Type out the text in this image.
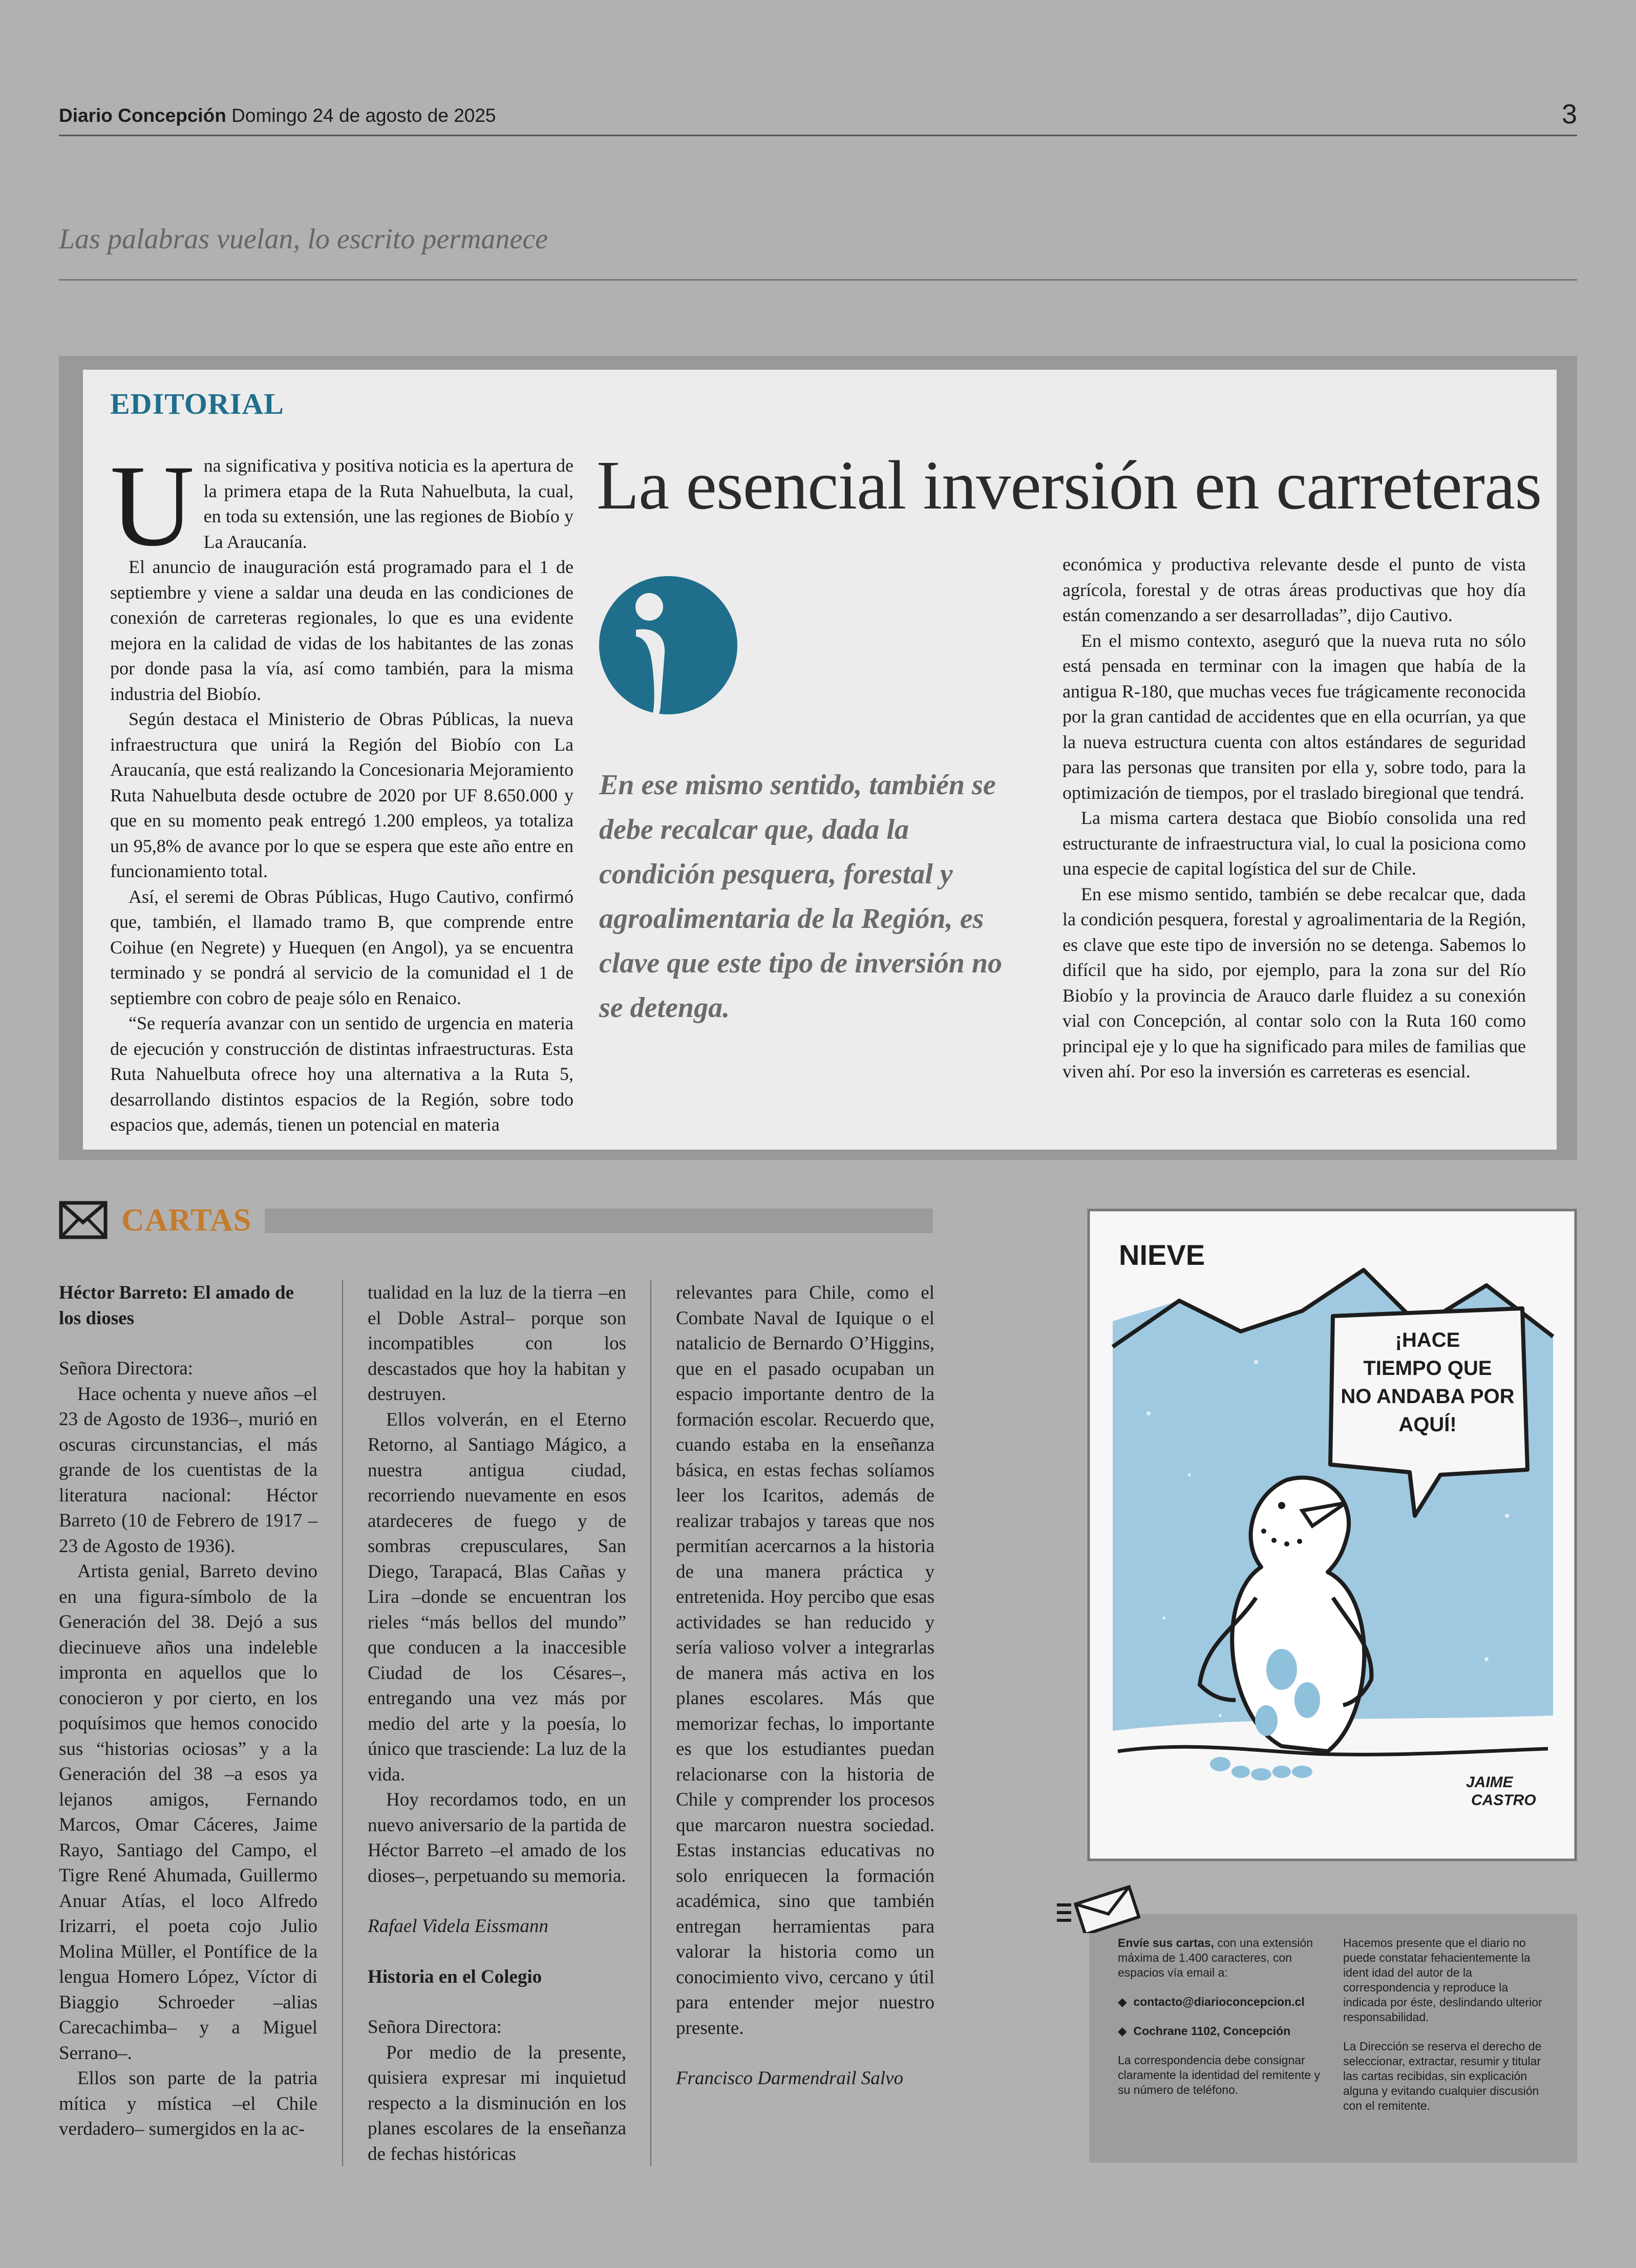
Diario Concepción Domingo 24 de agosto de 2025	3
Las palabras vuelan, lo escrito permanece
EDITORIAL
La esencial inversión en carreteras

Una significativa y positiva noticia es la apertura de la primera etapa de la Ruta Nahuelbuta, la cual, en toda su extensión, une las regiones de Biobío y La Araucanía.

El anuncio de inauguración está programado para el 1 de septiembre y viene a saldar una deuda en las condiciones de conexión de carreteras regionales, lo que es una evidente mejora en la calidad de vidas de los habitantes de las zonas por donde pasa la vía, así como también, para la misma industria del Biobío.

Según destaca el Ministerio de Obras Públicas, la nueva infraestructura que unirá la Región del Biobío con La Araucanía, que está realizando la Concesionaria Mejoramiento Ruta Nahuelbuta desde octubre de 2020 por UF 8.650.000 y que en su momento peak entregó 1.200 empleos, ya totaliza un 95,8% de avance por lo que se espera que este año entre en funcionamiento total.

Así, el seremi de Obras Públicas, Hugo Cautivo, confirmó que, también, el llamado tramo B, que comprende entre Coihue (en Negrete) y Huequen (en Angol), ya se encuentra terminado y se pondrá al servicio de la comunidad el 1 de septiembre con cobro de peaje sólo en Renaico.

“Se requería avanzar con un sentido de urgencia en materia de ejecución y construcción de distintas infraestructuras. Esta Ruta Nahuelbuta ofrece hoy una alternativa a la Ruta 5, desarrollando distintos espacios de la Región, sobre todo espacios que, además, tienen un potencial en materia

En ese mismo sentido, también se debe recalcar que, dada la condición pesquera, forestal y agroalimentaria de la Región, es clave que este tipo de inversión no se detenga.

económica y productiva relevante desde el punto de vista agrícola, forestal y de otras áreas productivas que hoy día están comenzando a ser desarrolladas”, dijo Cautivo.

En el mismo contexto, aseguró que la nueva ruta no sólo está pensada en terminar con la imagen que había de la antigua R-180, que muchas veces fue trágicamente reconocida por la gran cantidad de accidentes que en ella ocurrían, ya que la nueva estructura cuenta con altos estándares de seguridad para las personas que transiten por ella y, sobre todo, para la optimización de tiempos, por el traslado biregional que tendrá.

La misma cartera destaca que Biobío consolida una red estructurante de infraestructura vial, lo cual la posiciona como una especie de capital logística del sur de Chile.

En ese mismo sentido, también se debe recalcar que, dada la condición pesquera, forestal y agroalimentaria de la Región, es clave que este tipo de inversión no se detenga. Sabemos lo difícil que ha sido, por ejemplo, para la zona sur del Río Biobío y la provincia de Arauco darle fluidez a su conexión vial con Concepción, al contar solo con la Ruta 160 como principal eje y lo que ha significado para miles de familias que viven ahí. Por eso la inversión es carreteras es esencial.

CARTAS

Héctor Barreto: El amado de los dioses

Señora Directora:

Hace ochenta y nueve años –el 23 de Agosto de 1936–, murió en oscuras circunstancias, el más grande de los cuentistas de la literatura nacional: Héctor Barreto (10 de Febrero de 1917 – 23 de Agosto de 1936).

Artista genial, Barreto devino en una figura-símbolo de la Generación del 38. Dejó a sus diecinueve años una indeleble impronta en aquellos que lo conocieron y por cierto, en los poquísimos que hemos conocido sus “historias ociosas” y a la Generación del 38 –a esos ya lejanos amigos, Fernando Marcos, Omar Cáceres, Jaime Rayo, Santiago del Campo, el Tigre René Ahumada, Guillermo Anuar Atías, el loco Alfredo Irizarri, el poeta cojo Julio Molina Müller, el Pontífice de la lengua Homero López, Víctor di Biaggio Schroeder –alias Carecachimba– y a Miguel Serrano–.

Ellos son parte de la patria mítica y mística –el Chile verdadero– sumergidos en la ac-

tualidad en la luz de la tierra –en el Doble Astral– porque son incompatibles con los descastados que hoy la habitan y destruyen.

Ellos volverán, en el Eterno Retorno, al Santiago Mágico, a nuestra antigua ciudad, recorriendo nuevamente en esos atardeceres de fuego y de sombras crepusculares, San Diego, Tarapacá, Blas Cañas y Lira –donde se encuentran los rieles “más bellos del mundo” que conducen a la inaccesible Ciudad de los Césares–, entregando una vez más por medio del arte y la poesía, lo único que trasciende: La luz de la vida.

Hoy recordamos todo, en un nuevo aniversario de la partida de Héctor Barreto –el amado de los dioses–, perpetuando su memoria.

Rafael Videla Eissmann

Historia en el Colegio

Señora Directora:

Por medio de la presente, quisiera expresar mi inquietud respecto a la disminución en los planes escolares de la enseñanza de fechas históricas

relevantes para Chile, como el Combate Naval de Iquique o el natalicio de Bernardo O’Higgins, que en el pasado ocupaban un espacio importante dentro de la formación escolar. Recuerdo que, cuando estaba en la enseñanza básica, en estas fechas solíamos leer los Icaritos, además de realizar trabajos y tareas que nos permitían acercarnos a la historia de una manera práctica y entretenida. Hoy percibo que esas actividades se han reducido y sería valioso volver a integrarlas de manera más activa en los planes escolares. Más que memorizar fechas, lo importante es que los estudiantes puedan relacionarse con la historia de Chile y comprender los procesos que marcaron nuestra sociedad. Estas instancias educativas no solo enriquecen la formación académica, sino que también entregan herramientas para valorar la historia como un conocimiento vivo, cercano y útil para entender mejor nuestro presente.

Francisco Darmendrail Salvo

NIEVE
¡HACE
TIEMPO QUE
NO ANDABA POR
AQUÍ!
JAIME
CASTRO

Envíe sus cartas, con una extensión máxima de 1.400 caracteres, con espacios vía email a:

◆  contacto@diarioconcepcion.cl

◆  Cochrane 1102, Concepción

La correspondencia debe consignar claramente la identidad del remitente y su número de teléfono.

Hacemos presente que el diario no puede constatar fehacientemente la ident idad del autor de la correspondencia y reproduce la indicada por éste, deslindando ulterior responsabilidad.

La Dirección se reserva el derecho de seleccionar, extractar, resumir y titular las cartas recibidas, sin explicación alguna y evitando cualquier discusión con el remitente.
